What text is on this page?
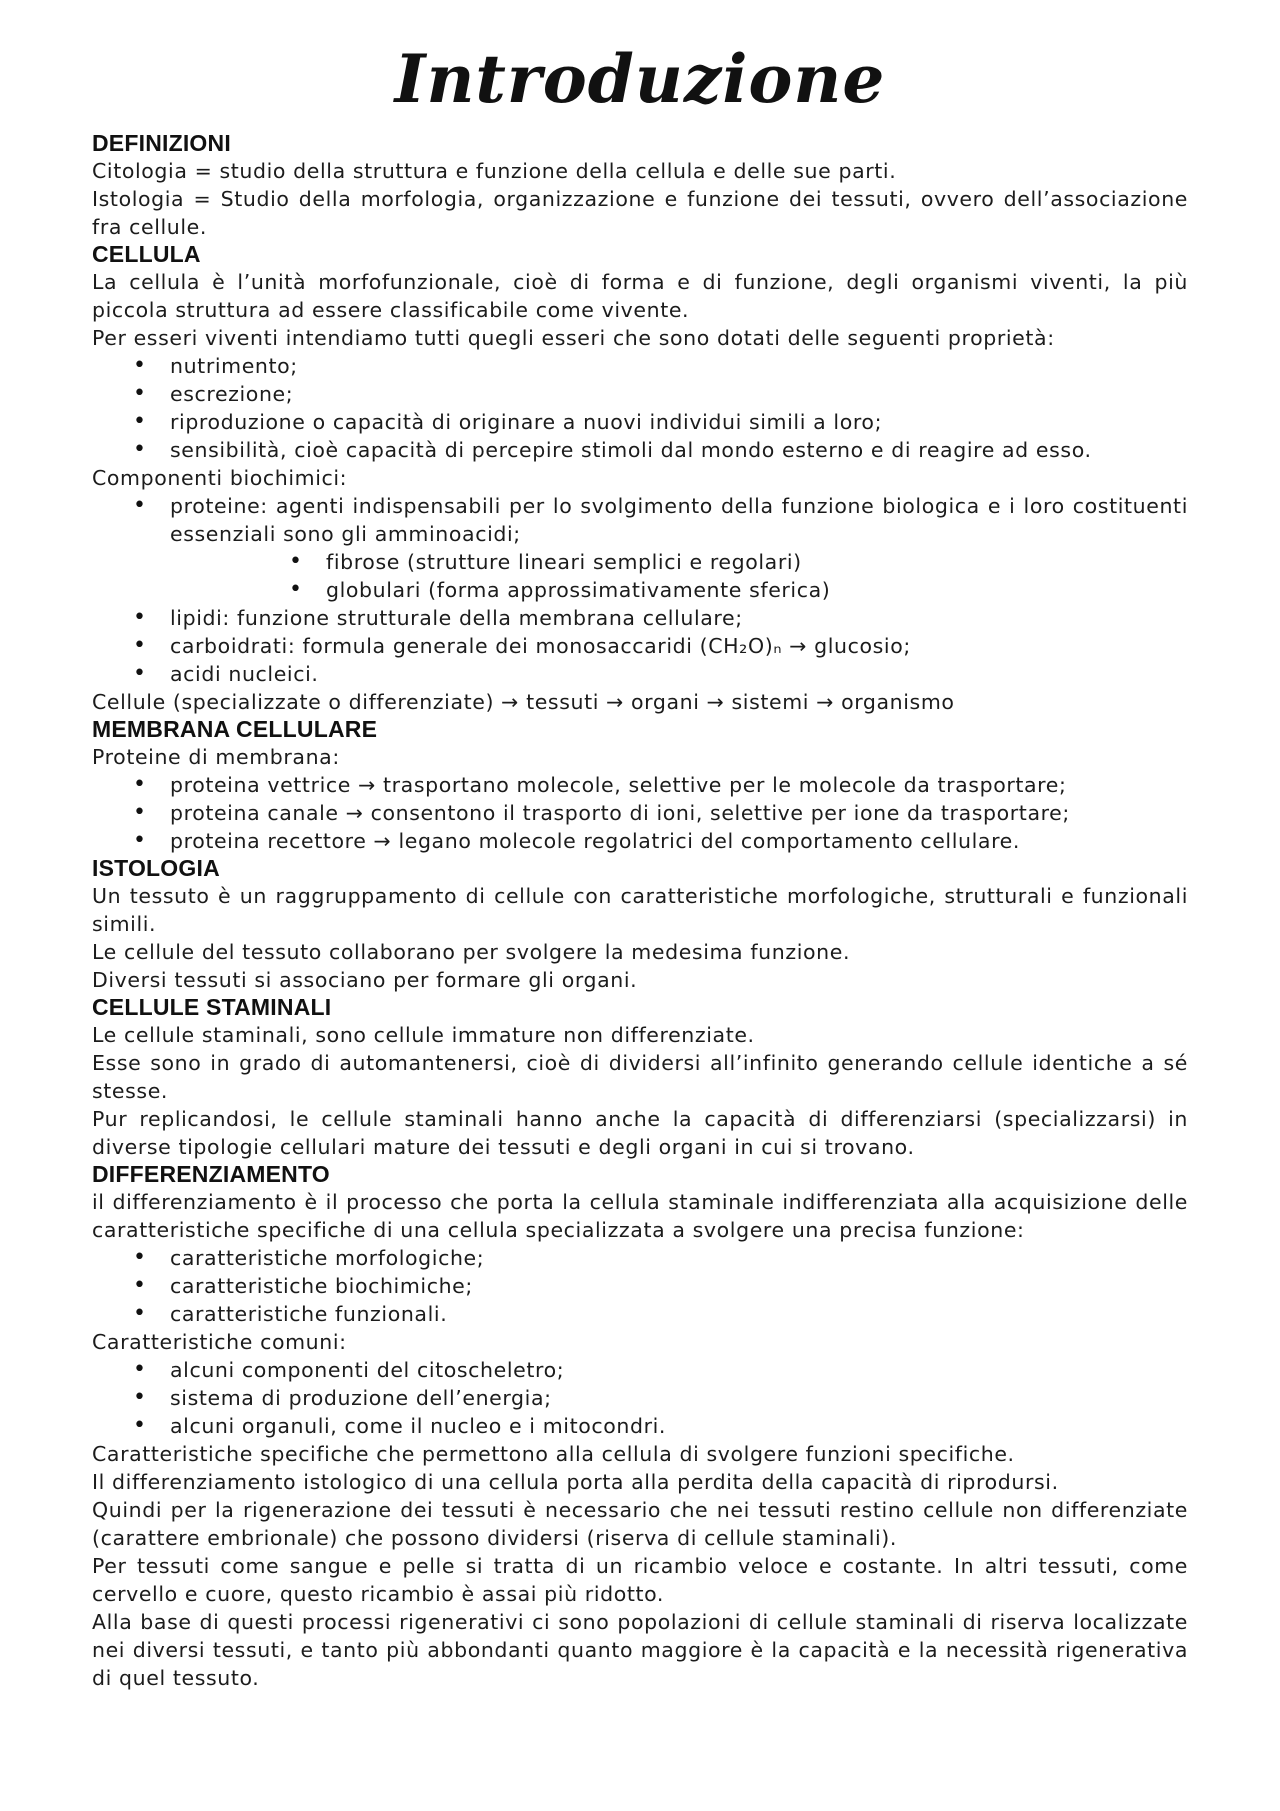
Introduzione
DEFINIZIONI

Citologia = studio della struttura e funzione della cellula e delle sue parti.

Istologia = Studio della morfologia, organizzazione e funzione dei tessuti, ovvero dell’associazione fra cellule.

CELLULA

La cellula è l’unità morfofunzionale, cioè di forma e di funzione, degli organismi viventi, la più piccola struttura ad essere classificabile come vivente.

Per esseri viventi intendiamo tutti quegli esseri che sono dotati delle seguenti proprietà:

• nutrimento;
• escrezione;
• riproduzione o capacità di originare a nuovi individui simili a loro;
• sensibilità, cioè capacità di percepire stimoli dal mondo esterno e di reagire ad esso.

Componenti biochimici:

• proteine: agenti indispensabili per lo svolgimento della funzione biologica e i loro costituenti essenziali sono gli amminoacidi;
• fibrose (strutture lineari semplici e regolari)
• globulari (forma approssimativamente sferica)
• lipidi: funzione strutturale della membrana cellulare;
• carboidrati: formula generale dei monosaccaridi (CH₂O)ₙ → glucosio;
• acidi nucleici.

Cellule (specializzate o differenziate) → tessuti → organi → sistemi → organismo

MEMBRANA CELLULARE

Proteine di membrana:

• proteina vettrice → trasportano molecole, selettive per le molecole da trasportare;
• proteina canale → consentono il trasporto di ioni, selettive per ione da trasportare;
• proteina recettore → legano molecole regolatrici del comportamento cellulare.
ISTOLOGIA

Un tessuto è un raggruppamento di cellule con caratteristiche morfologiche, strutturali e funzionali simili.

Le cellule del tessuto collaborano per svolgere la medesima funzione.

Diversi tessuti si associano per formare gli organi.

CELLULE STAMINALI

Le cellule staminali, sono cellule immature non differenziate.

Esse sono in grado di automantenersi, cioè di dividersi all’infinito generando cellule identiche a sé stesse.

Pur replicandosi, le cellule staminali hanno anche la capacità di differenziarsi (specializzarsi) in diverse tipologie cellulari mature dei tessuti e degli organi in cui si trovano.

DIFFERENZIAMENTO

il differenziamento è il processo che porta la cellula staminale indifferenziata alla acquisizione delle caratteristiche specifiche di una cellula specializzata a svolgere una precisa funzione:

• caratteristiche morfologiche;
• caratteristiche biochimiche;
• caratteristiche funzionali.

Caratteristiche comuni:

• alcuni componenti del citoscheletro;
• sistema di produzione dell’energia;
• alcuni organuli, come il nucleo e i mitocondri.

Caratteristiche specifiche che permettono alla cellula di svolgere funzioni specifiche.

Il differenziamento istologico di una cellula porta alla perdita della capacità di riprodursi.

Quindi per la rigenerazione dei tessuti è necessario che nei tessuti restino cellule non differenziate (carattere embrionale) che possono dividersi (riserva di cellule staminali).

Per tessuti come sangue e pelle si tratta di un ricambio veloce e costante. In altri tessuti, come cervello e cuore, questo ricambio è assai più ridotto.

Alla base di questi processi rigenerativi ci sono popolazioni di cellule staminali di riserva localizzate nei diversi tessuti, e tanto più abbondanti quanto maggiore è la capacità e la necessità rigenerativa di quel tessuto.
